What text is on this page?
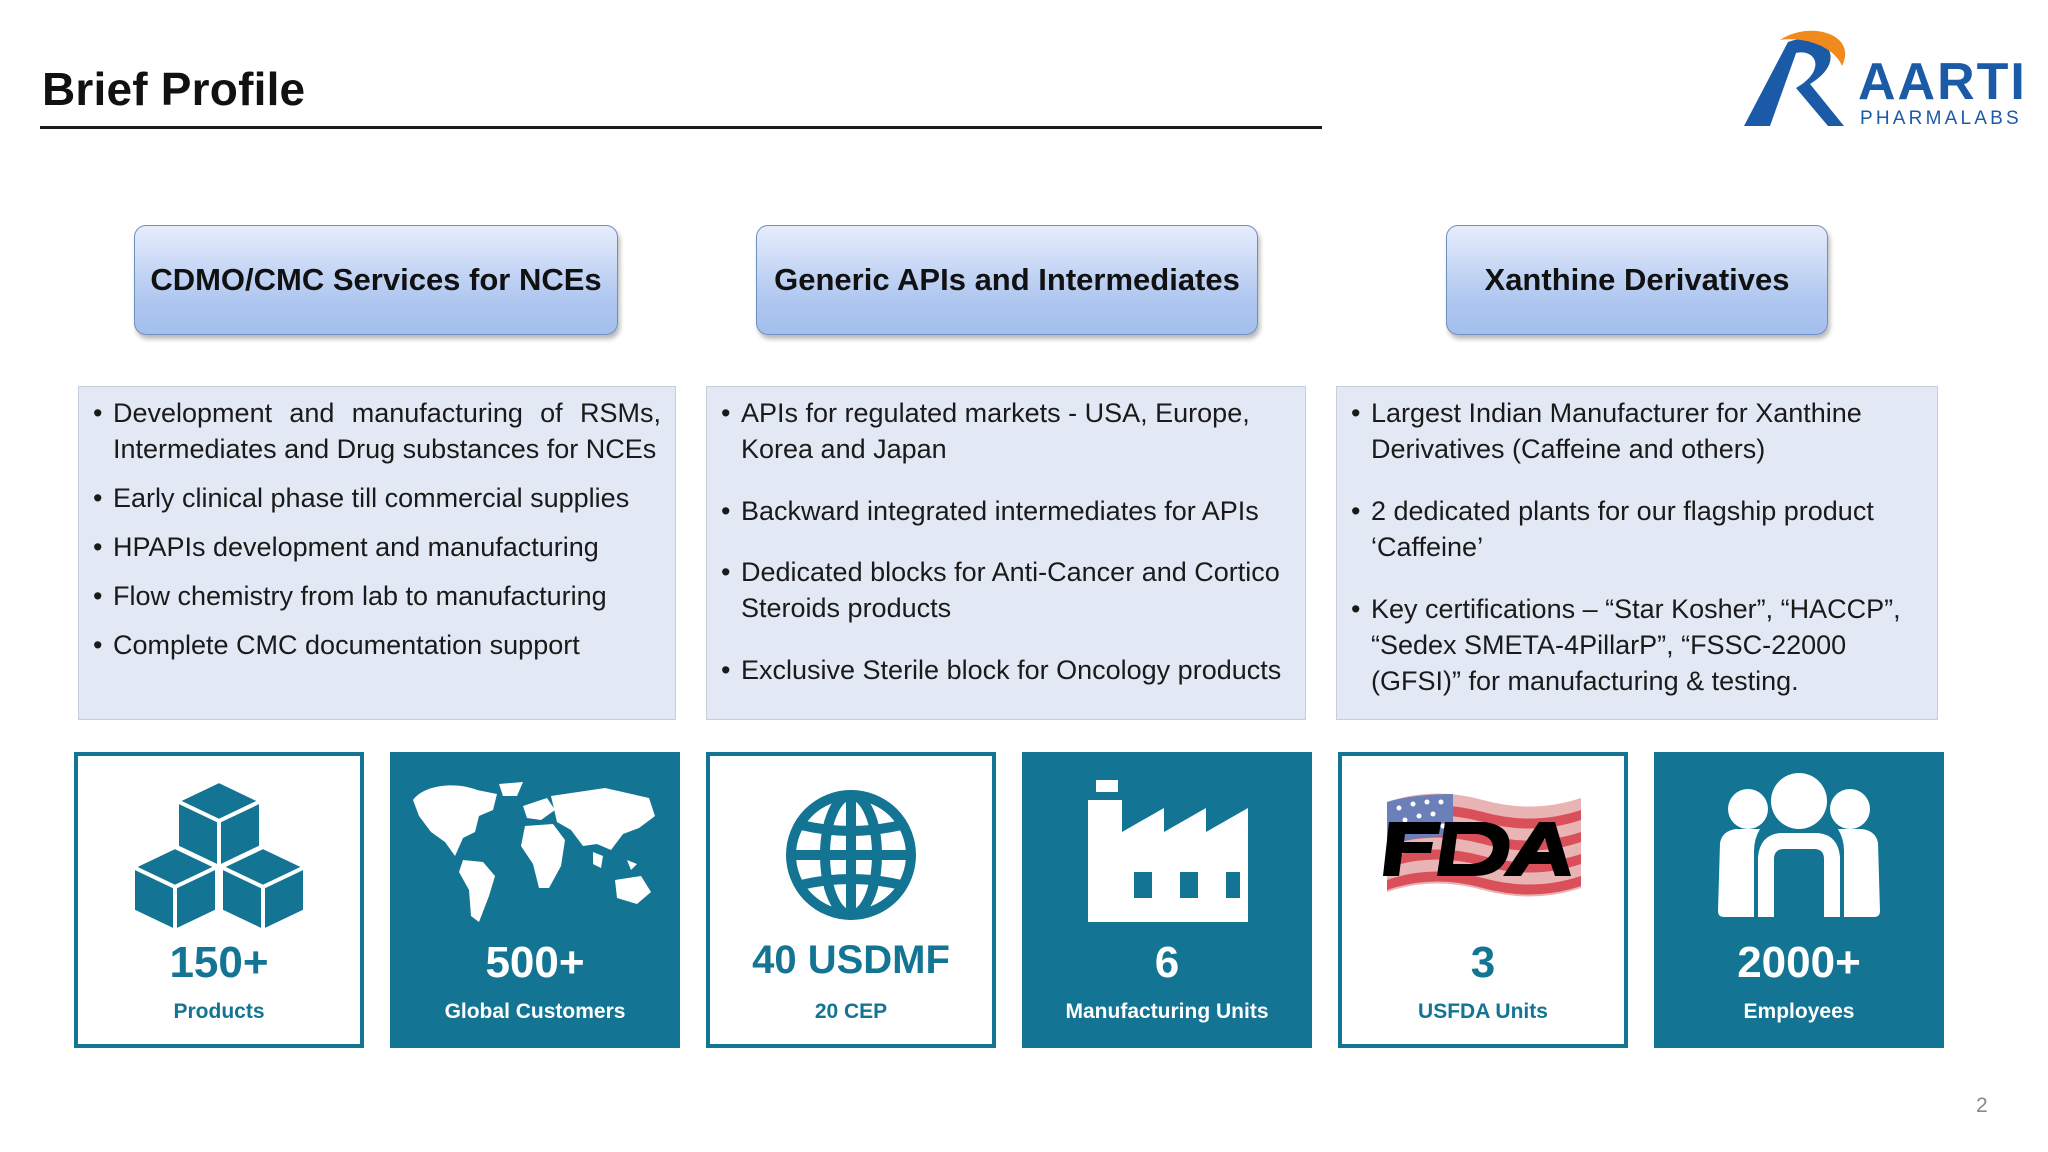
Brief Profile	AARTI
PHARMALABS
CDMO/CMC Services for NCEs	Generic APIs and Intermediates	Xanthine Derivatives
• Development and manufacturing of RSMs, Intermediates and Drug substances for NCEs
• Early clinical phase till commercial supplies
• HPAPIs development and manufacturing
• Flow chemistry from lab to manufacturing
• Complete CMC documentation support
• APIs for regulated markets - USA, Europe, Korea and Japan
• Backward integrated intermediates for APIs
• Dedicated blocks for Anti-Cancer and Cortico Steroids products
• Exclusive Sterile block for Oncology products
• Largest Indian Manufacturer for Xanthine Derivatives (Caffeine and others)
• 2 dedicated plants for our flagship product ‘Caffeine’
• Key certifications – “Star Kosher”, “HACCP”, “Sedex SMETA-4PillarP”, “FSSC-22000 (GFSI)” for manufacturing & testing.
150+
Products
500+
Global Customers
40 USDMF
20 CEP
6
Manufacturing Units
3
USFDA Units
2000+
Employees
2
